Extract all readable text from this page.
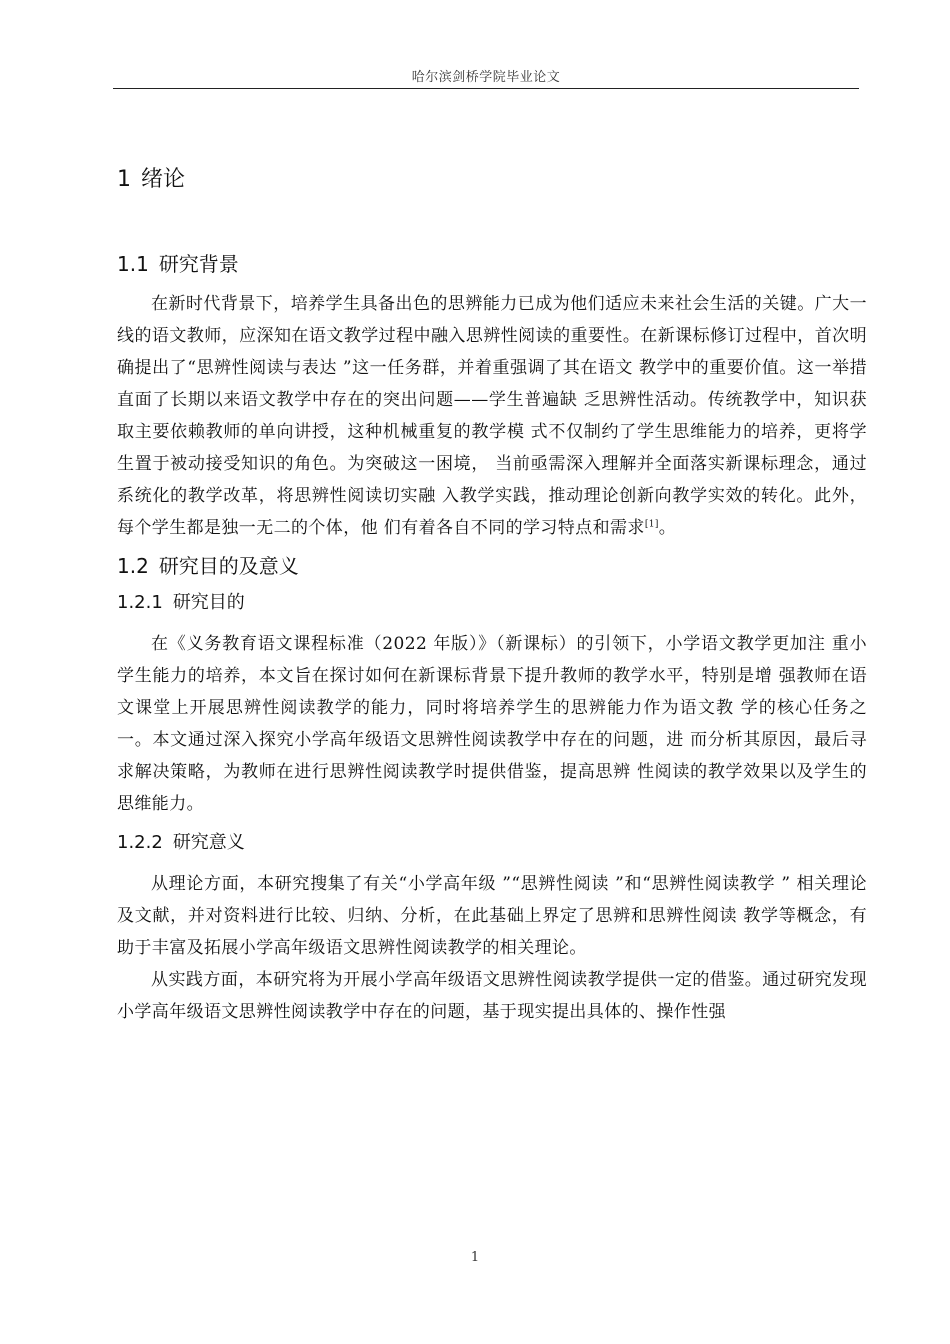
哈尔滨剑桥学院毕业论文
1 绪论
1.1 研究背景

在新时代背景下，培养学生具备出色的思辨能力已成为他们适应未来社会生活的关键。广大一线的语文教师，应深知在语文教学过程中融入思辨性阅读的重要性。在新课标修订过程中，首次明确提出了“思辨性阅读与表达 ”这一任务群，并着重强调了其在语文 教学中的重要价值。这一举措直面了长期以来语文教学中存在的突出问题——学生普遍缺 乏思辨性活动。传统教学中，知识获取主要依赖教师的单向讲授，这种机械重复的教学模 式不仅制约了学生思维能力的培养，更将学生置于被动接受知识的角色。为突破这一困境， 当前亟需深入理解并全面落实新课标理念，通过系统化的教学改革，将思辨性阅读切实融 入教学实践，推动理论创新向教学实效的转化。此外，每个学生都是独一无二的个体，他 们有着各自不同的学习特点和需求[1]。

1.2 研究目的及意义
1.2.1 研究目的

在《义务教育语文课程标准（2022 年版）》（新课标）的引领下，小学语文教学更加注 重小学生能力的培养，本文旨在探讨如何在新课标背景下提升教师的教学水平，特别是增 强教师在语文课堂上开展思辨性阅读教学的能力，同时将培养学生的思辨能力作为语文教 学的核心任务之一。本文通过深入探究小学高年级语文思辨性阅读教学中存在的问题，进 而分析其原因，最后寻求解决策略，为教师在进行思辨性阅读教学时提供借鉴，提高思辨 性阅读的教学效果以及学生的思维能力。

1.2.2 研究意义

从理论方面，本研究搜集了有关“小学高年级 ”“思辨性阅读 ”和“思辨性阅读教学 ” 相关理论及文献，并对资料进行比较、归纳、分析，在此基础上界定了思辨和思辨性阅读 教学等概念，有助于丰富及拓展小学高年级语文思辨性阅读教学的相关理论。

从实践方面，本研究将为开展小学高年级语文思辨性阅读教学提供一定的借鉴。通过研究发现小学高年级语文思辨性阅读教学中存在的问题，基于现实提出具体的、操作性强

1
